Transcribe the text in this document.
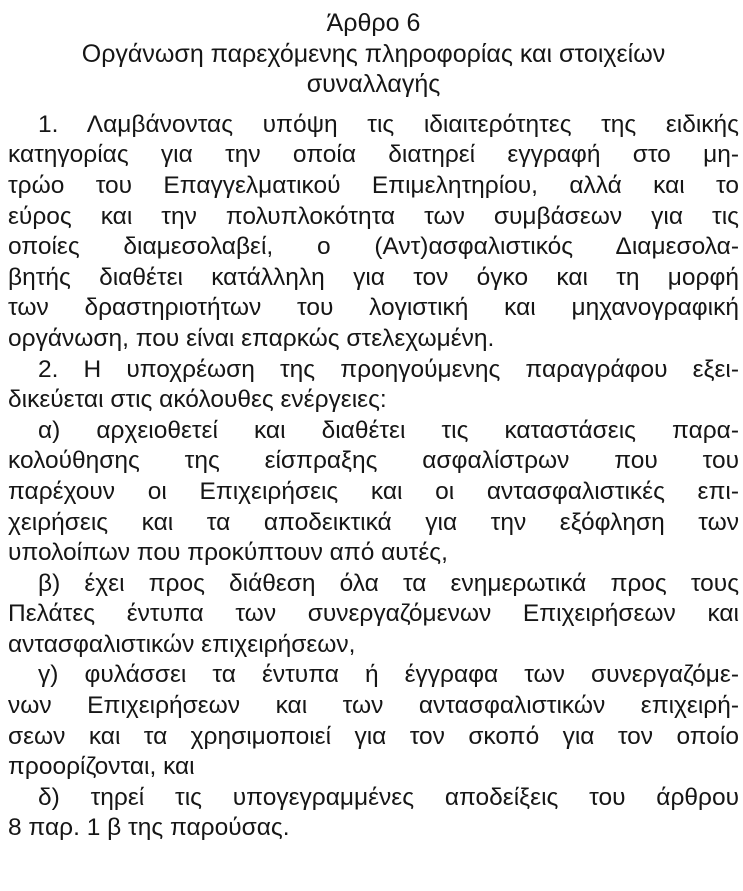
Άρθρο 6

Οργάνωση παρεχόμενης πληροφορίας και στοιχείων

συναλλαγής

1. Λαμβάνοντας υπόψη τις ιδιαιτερότητες της ειδικής

κατηγορίας για την οποία διατηρεί εγγραφή στο μη-

τρώο του Επαγγελματικού Επιμελητηρίου, αλλά και το

εύρος και την πολυπλοκότητα των συμβάσεων για τις

οποίες διαμεσολαβεί, ο (Αντ)ασφαλιστικός Διαμεσολα-

βητής διαθέτει κατάλληλη για τον όγκο και τη μορφή

των δραστηριοτήτων του λογιστική και μηχανογραφική

οργάνωση, που είναι επαρκώς στελεχωμένη.

2. Η υποχρέωση της προηγούμενης παραγράφου εξει-

δικεύεται στις ακόλουθες ενέργειες:

α) αρχειοθετεί και διαθέτει τις καταστάσεις παρα-

κολούθησης της είσπραξης ασφαλίστρων που του

παρέχουν οι Επιχειρήσεις και οι αντασφαλιστικές επι-

χειρήσεις και τα αποδεικτικά για την εξόφληση των

υπολοίπων που προκύπτουν από αυτές,

β) έχει προς διάθεση όλα τα ενημερωτικά προς τους

Πελάτες έντυπα των συνεργαζόμενων Επιχειρήσεων και

αντασφαλιστικών επιχειρήσεων,

γ) φυλάσσει τα έντυπα ή έγγραφα των συνεργαζόμε-

νων Επιχειρήσεων και των αντασφαλιστικών επιχειρή-

σεων και τα χρησιμοποιεί για τον σκοπό για τον οποίο

προορίζονται, και

δ) τηρεί τις υπογεγραμμένες αποδείξεις του άρθρου

8 παρ. 1 β της παρούσας.
